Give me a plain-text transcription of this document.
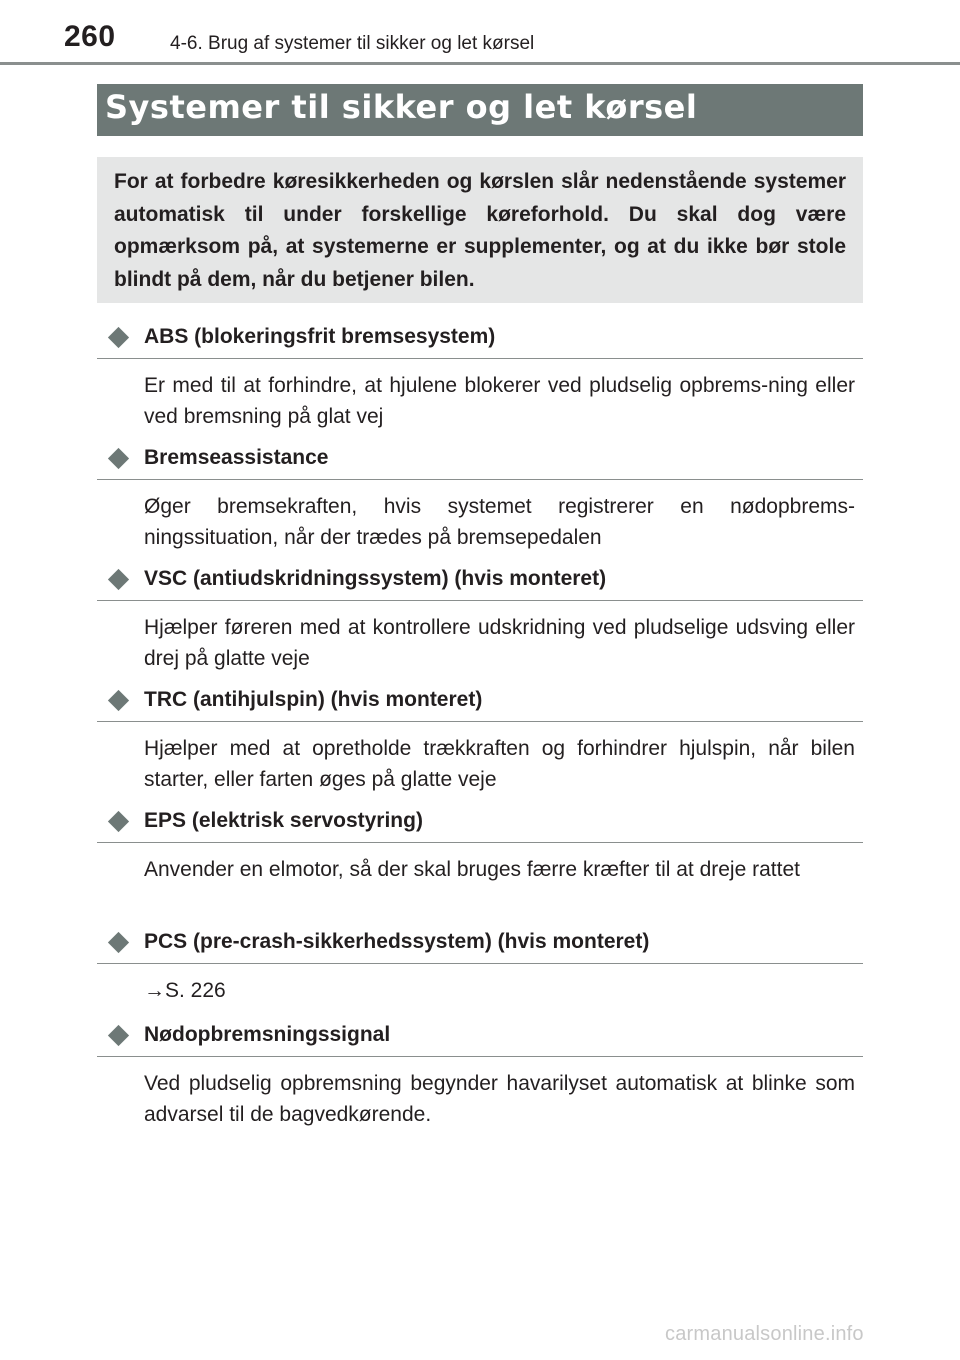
260	4-6. Brug af systemer til sikker og let kørsel
Systemer til sikker og let kørsel

For at forbedre køresikkerheden og kørslen slår nedenstående systemer automatisk til under forskellige køreforhold. Du skal dog være opmærksom på, at systemerne er supplementer, og at du ikke bør stole blindt på dem, når du betjener bilen.

ABS (blokeringsfrit bremsesystem)
Er med til at forhindre, at hjulene blokerer ved pludselig opbrems-ning eller ved bremsning på glat vej
Bremseassistance
Øger bremsekraften, hvis systemet registrerer en nødopbrems-ningssituation, når der trædes på bremsepedalen
VSC (antiudskridningssystem) (hvis monteret)
Hjælper føreren med at kontrollere udskridning ved pludselige udsving eller drej på glatte veje
TRC (antihjulspin) (hvis monteret)
Hjælper med at opretholde trækkraften og forhindrer hjulspin, når bilen starter, eller farten øges på glatte veje
EPS (elektrisk servostyring)
Anvender en elmotor, så der skal bruges færre kræfter til at dreje rattet
PCS (pre-crash-sikkerhedssystem) (hvis monteret)
→S. 226
Nødopbremsningssignal
Ved pludselig opbremsning begynder havarilyset automatisk at blinke som advarsel til de bagvedkørende.
carmanualsonline.info
